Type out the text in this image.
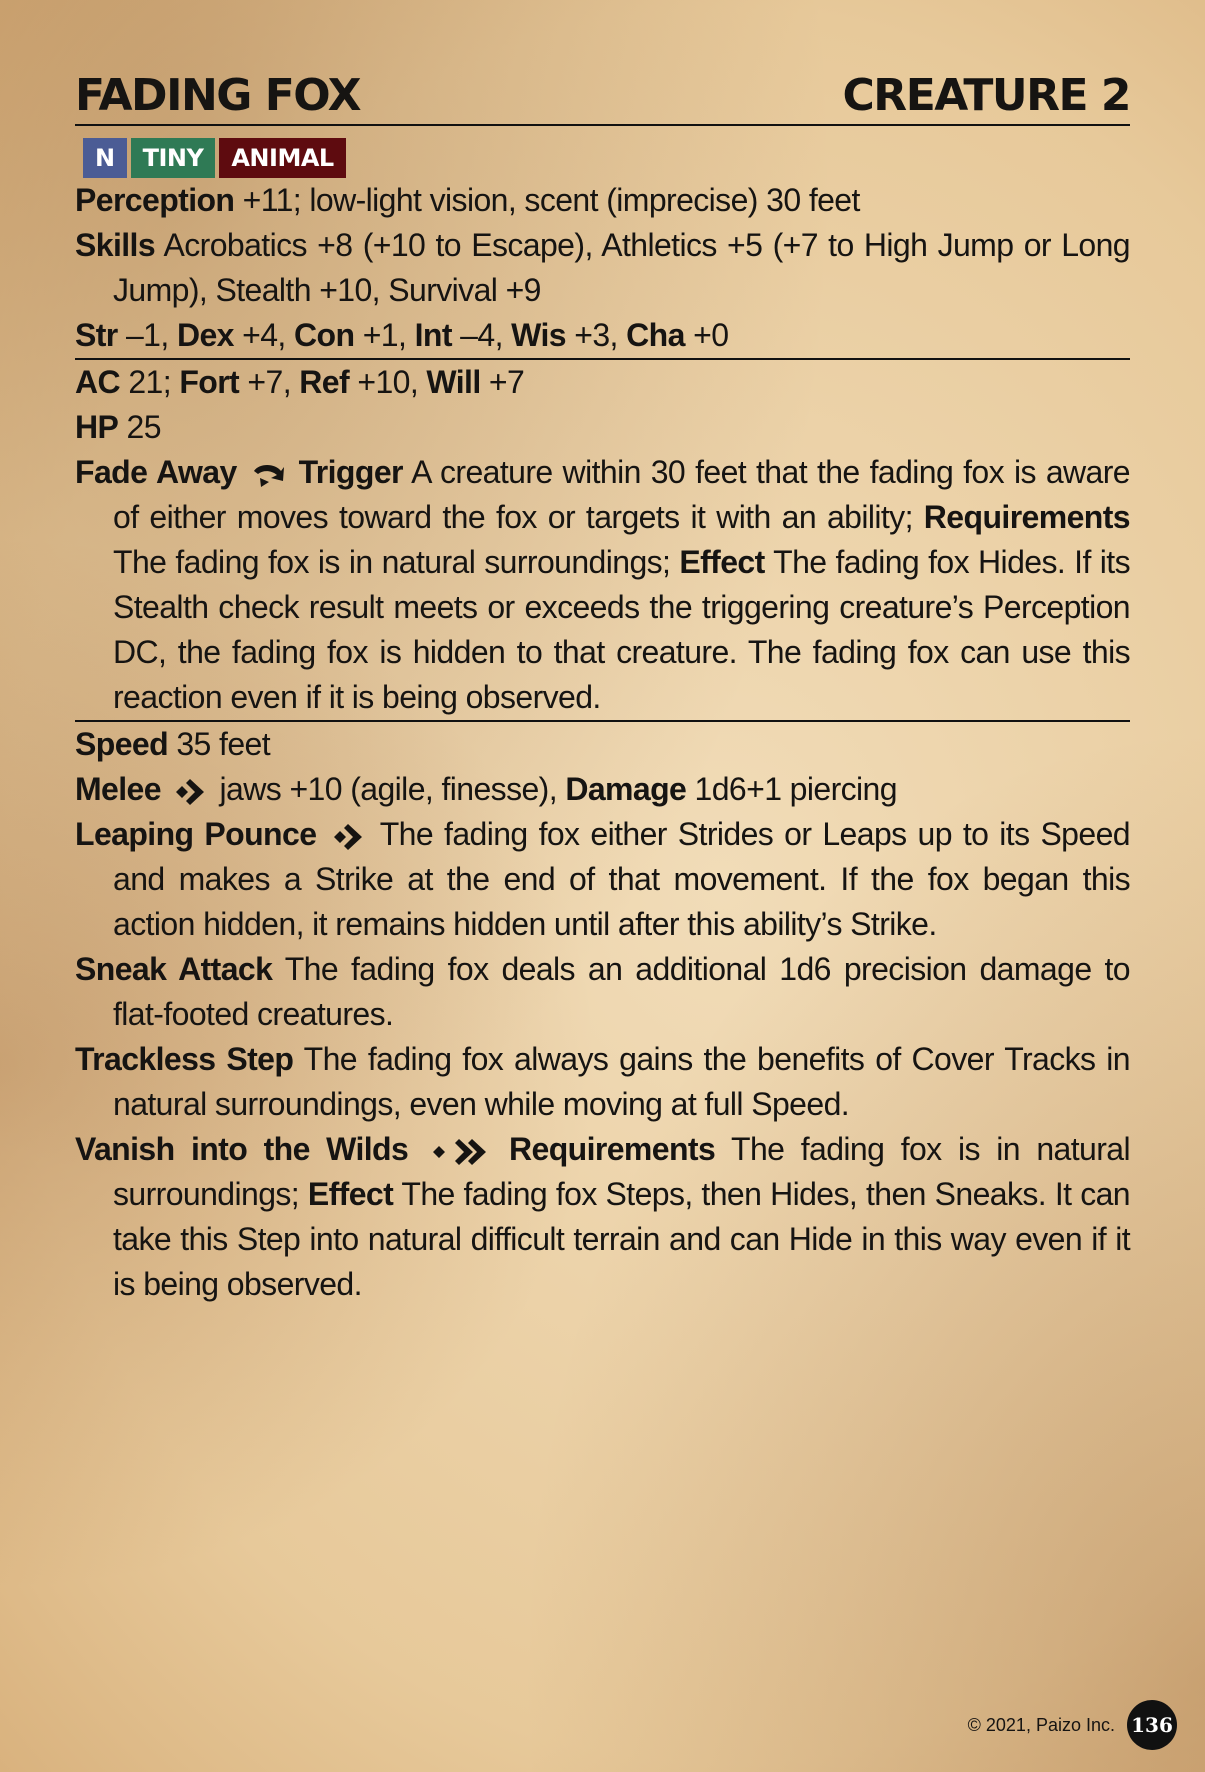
FADING FOX	CREATURE 2
N	TINY	ANIMAL
Perception +11; low-light vision, scent (imprecise) 30 feet
Skills Acrobatics +8 (+10 to Escape), Athletics +5 (+7 to High Jump or Long Jump), Stealth +10, Survival +9
Str –1, Dex +4, Con +1, Int –4, Wis +3, Cha +0
AC 21; Fort +7, Ref +10, Will +7
HP 25
Fade Away Trigger A creature within 30 feet that the fading fox is aware of either moves toward the fox or targets it with an ability; Requirements The fading fox is in natural surroundings; Effect The fading fox Hides. If its Stealth check result meets or exceeds the triggering creature’s Perception DC, the fading fox is hidden to that creature. The fading fox can use this reaction even if it is being observed.
Speed 35 feet
Melee
jaws +10 (agile, finesse), Damage 1d6+1 piercing
Leaping Pounce
The fading fox either Strides or Leaps up to its Speed and makes a Strike at the end of that movement. If the fox began this action hidden, it remains hidden until after this ability’s Strike.
Sneak Attack The fading fox deals an additional 1d6 precision damage to flat-footed creatures.
Trackless Step The fading fox always gains the benefits of Cover Tracks in natural surroundings, even while moving at full Speed.
Vanish into the Wilds	Requirements The fading fox is in natural surroundings; Effect The fading fox Steps, then Hides, then Sneaks. It can take this Step into natural difficult terrain and can Hide in this way even if it is being observed.
© 2021, Paizo Inc. 136
